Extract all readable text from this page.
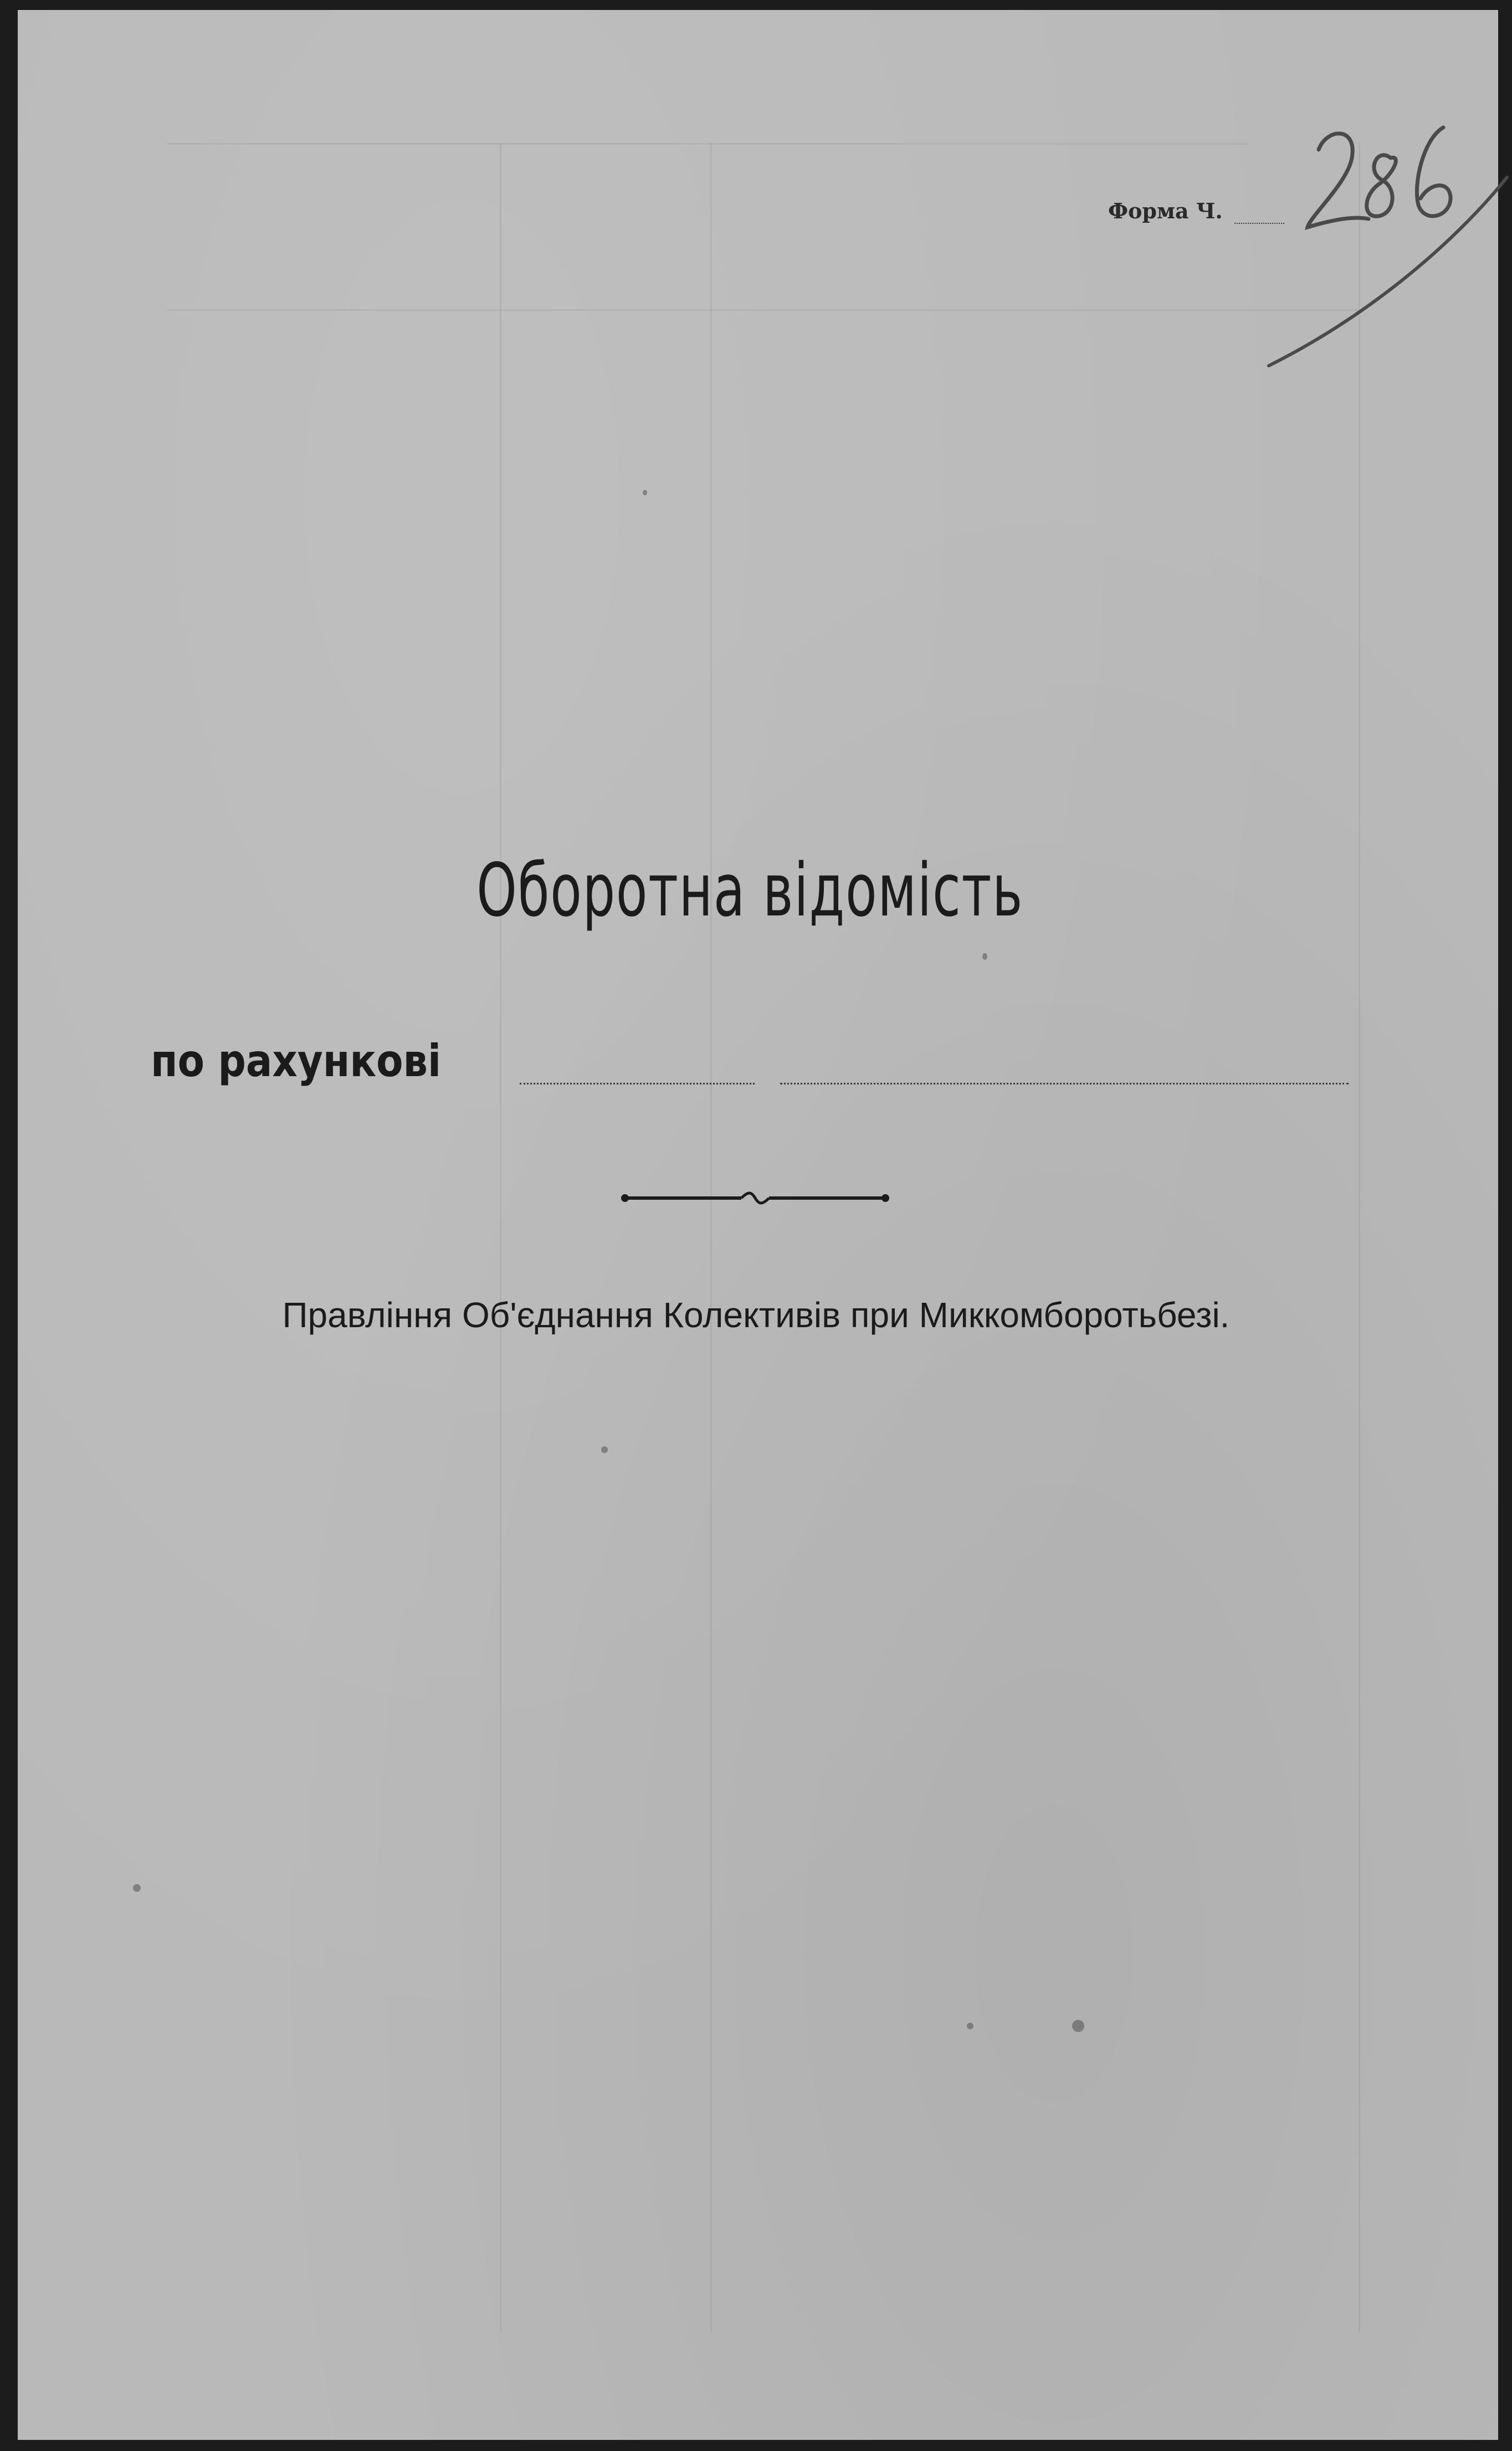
Форма Ч.
Оборотна відомість
по рахункові
Правління Об'єднання Колективів при Миккомборотьбезі.
